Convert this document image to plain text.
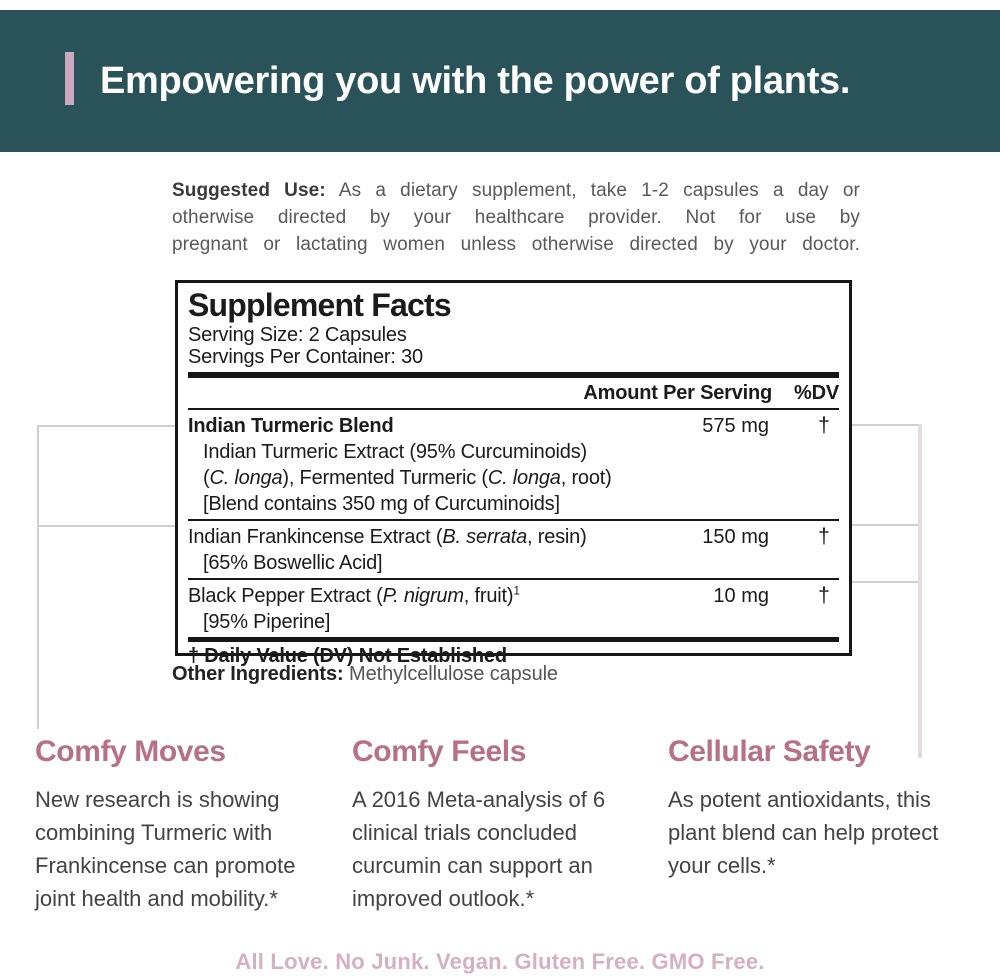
Empowering you with the power of plants.
Suggested Use: As a dietary supplement, take 1-2 capsules a day or
otherwise directed by your healthcare provider. Not for use by
pregnant or lactating women unless otherwise directed by your doctor.
Supplement Facts
Serving Size: 2 Capsules
Servings Per Container: 30
Amount Per Serving %DV
Indian Turmeric Blend	575 mg	†
Indian Turmeric Extract (95% Curcuminoids)
(C. longa), Fermented Turmeric (C. longa, root)
[Blend contains 350 mg of Curcuminoids]
Indian Frankincense Extract (B. serrata, resin)	150 mg	†
[65% Boswellic Acid]
Black Pepper Extract (P. nigrum, fruit)$^1$	10 mg	†
[95% Piperine]
† Daily Value (DV) Not Established

Other Ingredients: Methylcellulose capsule

Comfy Moves
New research is showing
combining Turmeric with
Frankincense can promote
joint health and mobility.*
Comfy Feels
A 2016 Meta-analysis of 6
clinical trials concluded
curcumin can support an
improved outlook.*
Cellular Safety
As potent antioxidants, this
plant blend can help protect
your cells.*
All Love. No Junk. Vegan. Gluten Free. GMO Free.
